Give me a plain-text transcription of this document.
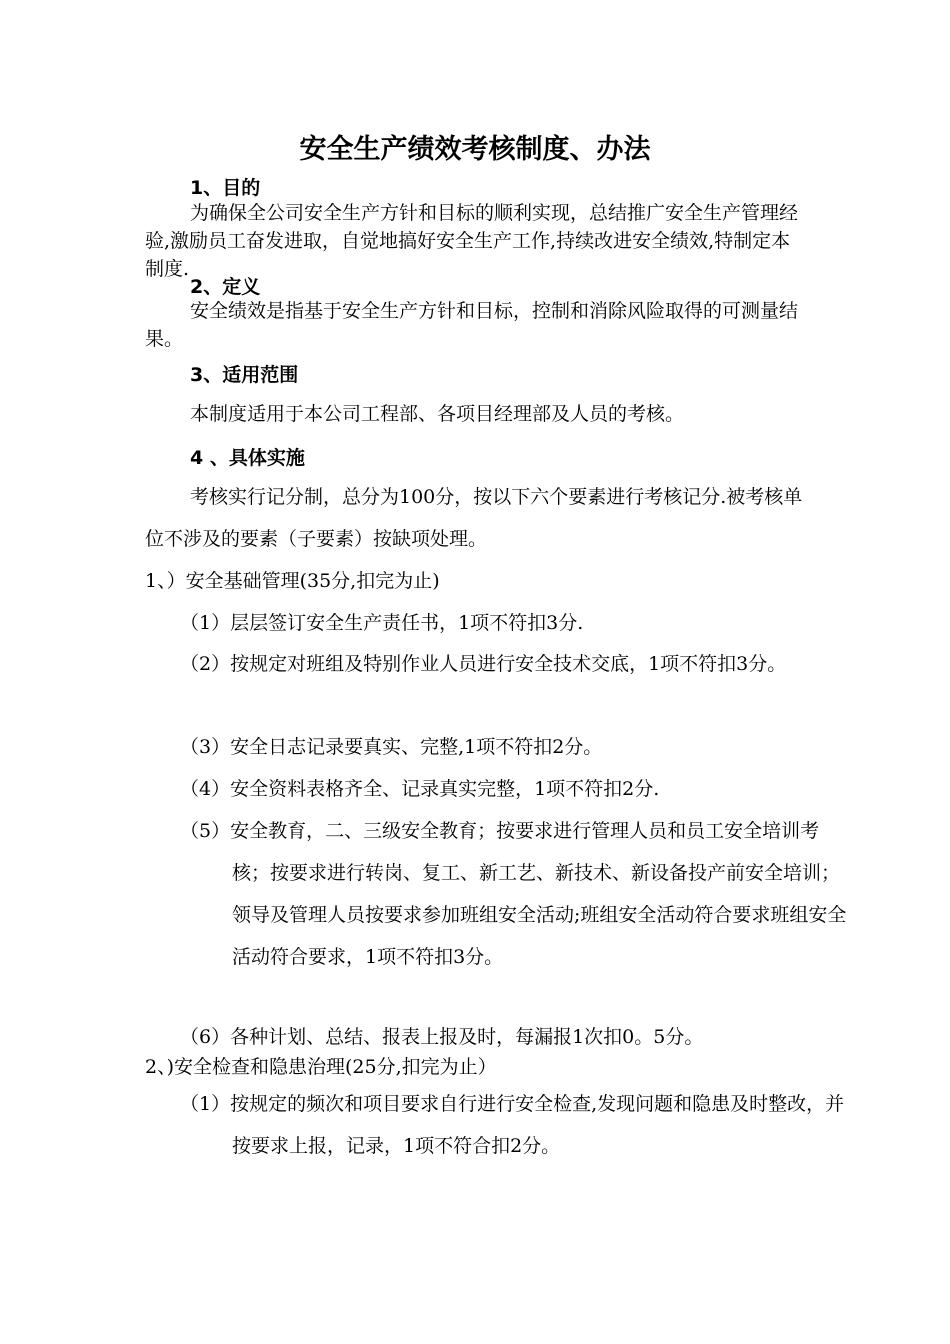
安全生产绩效考核制度、办法
1、目的

为确保全公司安全生产方针和目标的顺利实现，总结推广安全生产管理经验,激励员工奋发进取，自觉地搞好安全生产工作,持续改进安全绩效,特制定本制度.

2、定义

安全绩效是指基于安全生产方针和目标，控制和消除风险取得的可测量结果。

3、适用范围

本制度适用于本公司工程部、各项目经理部及人员的考核。

4 、具体实施

考核实行记分制，总分为100分，按以下六个要素进行考核记分.被考核单位不涉及的要素（子要素）按缺项处理。

1、）安全基础管理(35分,扣完为止)

（1）层层签订安全生产责任书，1项不符扣3分.

（2）按规定对班组及特别作业人员进行安全技术交底，1项不符扣3分。

（3）安全日志记录要真实、完整,1项不符扣2分。

（4）安全资料表格齐全、记录真实完整，1项不符扣2分.

（5）安全教育，二、三级安全教育；按要求进行管理人员和员工安全培训考核；按要求进行转岗、复工、新工艺、新技术、新设备投产前安全培训；领导及管理人员按要求参加班组安全活动;班组安全活动符合要求班组安全活动符合要求，1项不符扣3分。

（6）各种计划、总结、报表上报及时，每漏报1次扣0。5分。

2、)安全检查和隐患治理(25分,扣完为止）

（1）按规定的频次和项目要求自行进行安全检查,发现问题和隐患及时整改，并按要求上报，记录，1项不符合扣2分。
